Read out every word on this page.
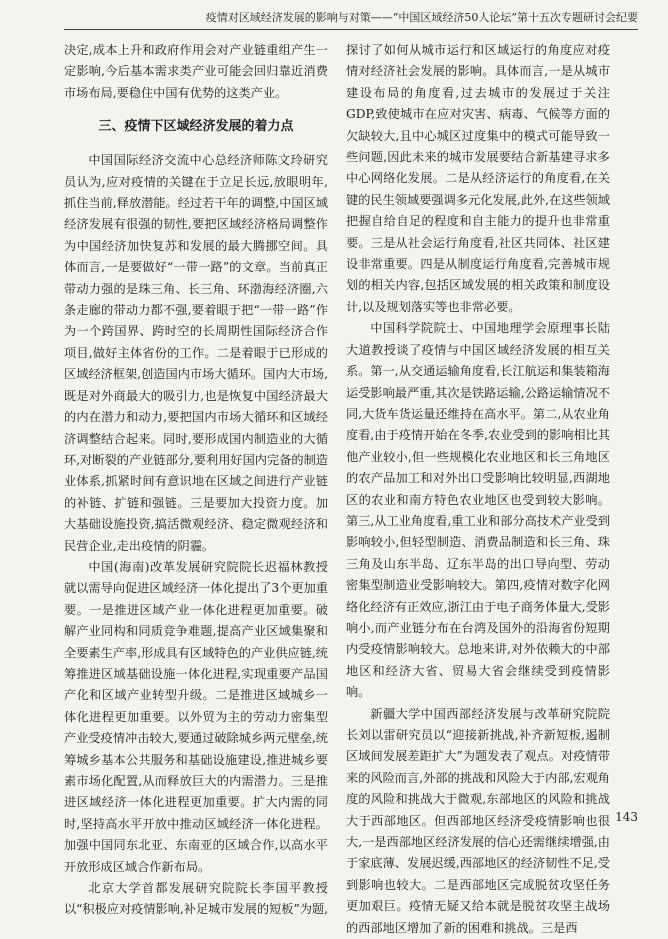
疫情对区域经济发展的影响与对策——“中国区域经济50人论坛”第十五次专题研讨会纪要

决定,成本上升和政府作用会对产业链重组产生一定影响,今后基本需求类产业可能会回归靠近消费市场布局,要稳住中国有优势的这类产业。

三、疫情下区域经济发展的着力点

中国国际经济交流中心总经济师陈文玲研究员认为,应对疫情的关键在于立足长远,放眼明年,抓住当前,释放潜能。经过若干年的调整,中国区域经济发展有很强的韧性,要把区域经济格局调整作为中国经济加快复苏和发展的最大腾挪空间。具体而言,一是要做好“一带一路”的文章。当前真正带动力强的是珠三角、长三角、环渤海经济圈,六条走廊的带动力都不强,要着眼于把“一带一路”作为一个跨国界、跨时空的长周期性国际经济合作项目,做好主体省份的工作。二是着眼于已形成的区域经济框架,创造国内市场大循环。国内大市场,既是对外商最大的吸引力,也是恢复中国经济最大的内在潜力和动力,要把国内市场大循环和区域经济调整结合起来。同时,要形成国内制造业的大循环,对断裂的产业链部分,要利用好国内完备的制造业体系,抓紧时间有意识地在区域之间进行产业链的补链、扩链和强链。三是要加大投资力度。加大基础设施投资,搞活微观经济、稳定微观经济和民营企业,走出疫情的阴霾。

中国(海南)改革发展研究院院长迟福林教授就以需导向促进区域经济一体化提出了3个更加重要。一是推进区域产业一体化进程更加重要。破解产业同构和同质竞争难题,提高产业区域集聚和全要素生产率,形成具有区域特色的产业供应链,统筹推进区域基础设施一体化进程,实现重要产品国产化和区域产业转型升级。二是推进区域城乡一体化进程更加重要。以外贸为主的劳动力密集型产业受疫情冲击较大,要通过破除城乡两元壁垒,统筹城乡基本公共服务和基础设施建设,推进城乡要素市场化配置,从而释放巨大的内需潜力。三是推进区域经济一体化进程更加重要。扩大内需的同时,坚持高水平开放中推动区域经济一体化进程。加强中国同东北亚、东南亚的区域合作,以高水平开放形成区域合作新布局。

北京大学首都发展研究院院长李国平教授以“积极应对疫情影响,补足城市发展的短板”为题,

探讨了如何从城市运行和区域运行的角度应对疫情对经济社会发展的影响。具体而言,一是从城市建设布局的角度看,过去城市的发展过于关注GDP,致使城市在应对灾害、病毒、气候等方面的欠缺较大,且中心城区过度集中的模式可能导致一些问题,因此未来的城市发展要结合新基建寻求多中心网络化发展。二是从经济运行的角度看,在关键的民生领域要强调多元化发展,此外,在这些领域把握自给自足的程度和自主能力的提升也非常重要。三是从社会运行角度看,社区共同体、社区建设非常重要。四是从制度运行角度看,完善城市规划的相关内容,包括区域发展的相关政策和制度设计,以及规划落实等也非常必要。

中国科学院院士、中国地理学会原理事长陆大道教授谈了疫情与中国区域经济发展的相互关系。第一,从交通运输角度看,长江航运和集装箱海运受影响最严重,其次是铁路运输,公路运输情况不同,大货车货运量还维持在高水平。第二,从农业角度看,由于疫情开始在冬季,农业受到的影响相比其他产业较小,但一些规模化农业地区和长三角地区的农产品加工和对外出口受影响比较明显,西湖地区的农业和南方特色农业地区也受到较大影响。第三,从工业角度看,重工业和部分高技术产业受到影响较小,但轻型制造、消费品制造和长三角、珠三角及山东半岛、辽东半岛的出口导向型、劳动密集型制造业受影响较大。第四,疫情对数字化网络化经济有正效应,浙江由于电子商务体量大,受影响小,而产业链分布在台湾及国外的沿海省份短期内受疫情影响较大。总地来讲,对外依赖大的中部地区和经济大省、贸易大省会继续受到疫情影响。

新疆大学中国西部经济发展与改革研究院院长刘以雷研究员以“迎接新挑战,补齐新短板,遏制区域间发展差距扩大”为题发表了观点。对疫情带来的风险而言,外部的挑战和风险大于内部,宏观角度的风险和挑战大于微观,东部地区的风险和挑战大于西部地区。但西部地区经济受疫情影响也很大,一是西部地区经济发展的信心还需继续增强,由于家底薄、发展迟缓,西部地区的经济韧性不足,受到影响也较大。二是西部地区完成脱贫攻坚任务更加艰巨。疫情无疑又给本就是脱贫攻坚主战场的西部地区增加了新的困难和挑战。三是西

143
